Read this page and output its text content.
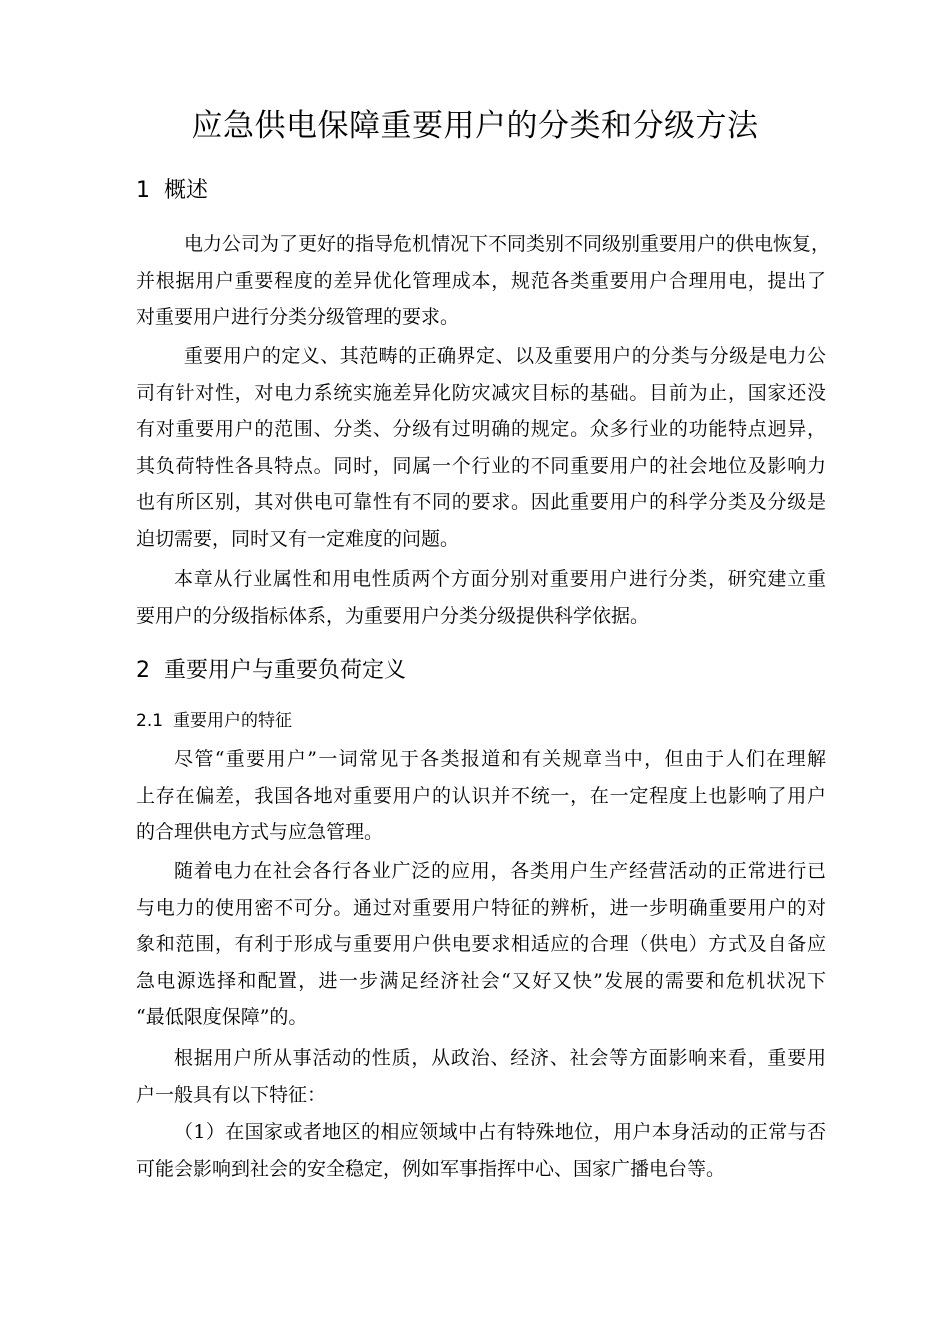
应急供电保障重要用户的分类和分级方法
1 概述
电力公司为了更好的指导危机情况下不同类别不同级别重要用户的供电恢复，
并根据用户重要程度的差异优化管理成本，规范各类重要用户合理用电，提出了
对重要用户进行分类分级管理的要求。
重要用户的定义、其范畴的正确界定、以及重要用户的分类与分级是电力公
司有针对性，对电力系统实施差异化防灾减灾目标的基础。目前为止，国家还没
有对重要用户的范围、分类、分级有过明确的规定。众多行业的功能特点迥异，
其负荷特性各具特点。同时，同属一个行业的不同重要用户的社会地位及影响力
也有所区别，其对供电可靠性有不同的要求。因此重要用户的科学分类及分级是
迫切需要，同时又有一定难度的问题。
本章从行业属性和用电性质两个方面分别对重要用户进行分类，研究建立重
要用户的分级指标体系，为重要用户分类分级提供科学依据。
2 重要用户与重要负荷定义
2.1 重要用户的特征
尽管“重要用户”一词常见于各类报道和有关规章当中，但由于人们在理解
上存在偏差，我国各地对重要用户的认识并不统一，在一定程度上也影响了用户
的合理供电方式与应急管理。
随着电力在社会各行各业广泛的应用，各类用户生产经营活动的正常进行已
与电力的使用密不可分。通过对重要用户特征的辨析，进一步明确重要用户的对
象和范围，有利于形成与重要用户供电要求相适应的合理（供电）方式及自备应
急电源选择和配置，进一步满足经济社会“又好又快”发展的需要和危机状况下
“最低限度保障”的。
根据用户所从事活动的性质，从政治、经济、社会等方面影响来看，重要用
户一般具有以下特征：
（1）在国家或者地区的相应领域中占有特殊地位，用户本身活动的正常与否
可能会影响到社会的安全稳定，例如军事指挥中心、国家广播电台等。
